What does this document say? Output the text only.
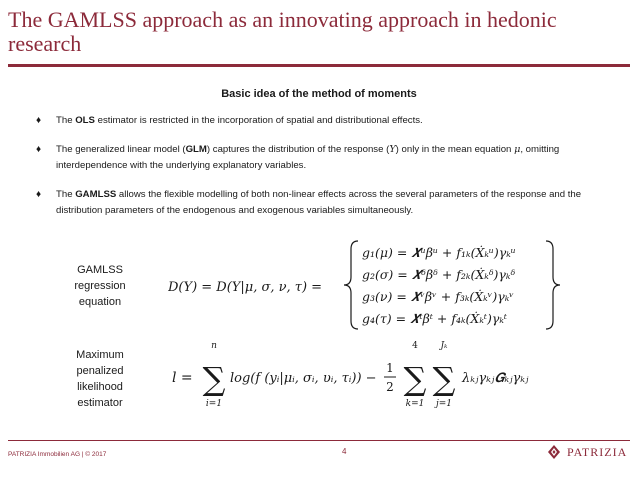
The GAMLSS approach as an innovating approach in hedonic research
Basic idea of the method of moments
♦ The OLS estimator is restricted in the incorporation of spatial and distributional effects.
♦ The generalized linear model (GLM) captures the distribution of the response (Y) only in the mean equation μ, omitting interdependence with the underlying explanatory variables.
♦ The GAMLSS allows the flexible modelling of both non-linear effects across the several parameters of the response and the distribution parameters of the endogenous and exogenous variables simultaneously.
GAMLSS
regression
equation
D(Y) = D(Y|μ, σ, ν, τ) =
g₁(μ) = 𝑿ᵘβᵘ + f₁ₖ(Ẋₖᵘ)γₖᵘ
g₂(σ) = 𝑿ᵟβᵟ + f₂ₖ(Ẋₖᵟ)γₖᵟ
g₃(ν) = 𝑿ᵛβᵛ + f₃ₖ(Ẋₖᵛ)γₖᵛ
g₄(τ) = 𝑿ᵗβᵗ + f₄ₖ(Ẋₖᵗ)γₖᵗ
Maximum
penalized
likelihood
estimator
l =
n
∑
i=1
log(f (yᵢ|μᵢ, σᵢ, υᵢ, τᵢ)) −
1
2
4
∑
k=1
Jₖ
∑
j=1
λₖⱼγₖⱼ𝑮ₖⱼγₖⱼ
PATRIZIA Immobilien AG | © 2017	4	PATRIZIA
